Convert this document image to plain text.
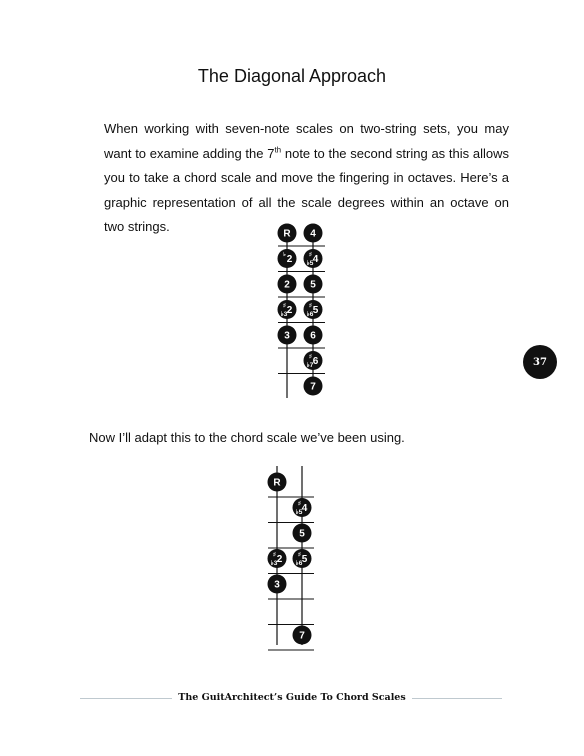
The Diagonal Approach
When working with seven-note scales on two-string sets, you may want to examine adding the 7th note to the second string as this allows you to take a chord scale and move the fingering in octaves. Here’s a graphic representation of all the scale degrees within an octave on two strings.
R 4
2
♭	4
♯
♭5
2 5
2
♯
♭3	5
♯
♭6
3 6
6
♯
♭7
7
R
4
♯
♭5
5
2
♯
♭3 5
♯
♭6
3
7
Now I’ll adapt this to the chord scale we’ve been using.
37
The GuitArchitect’s Guide To Chord Scales
